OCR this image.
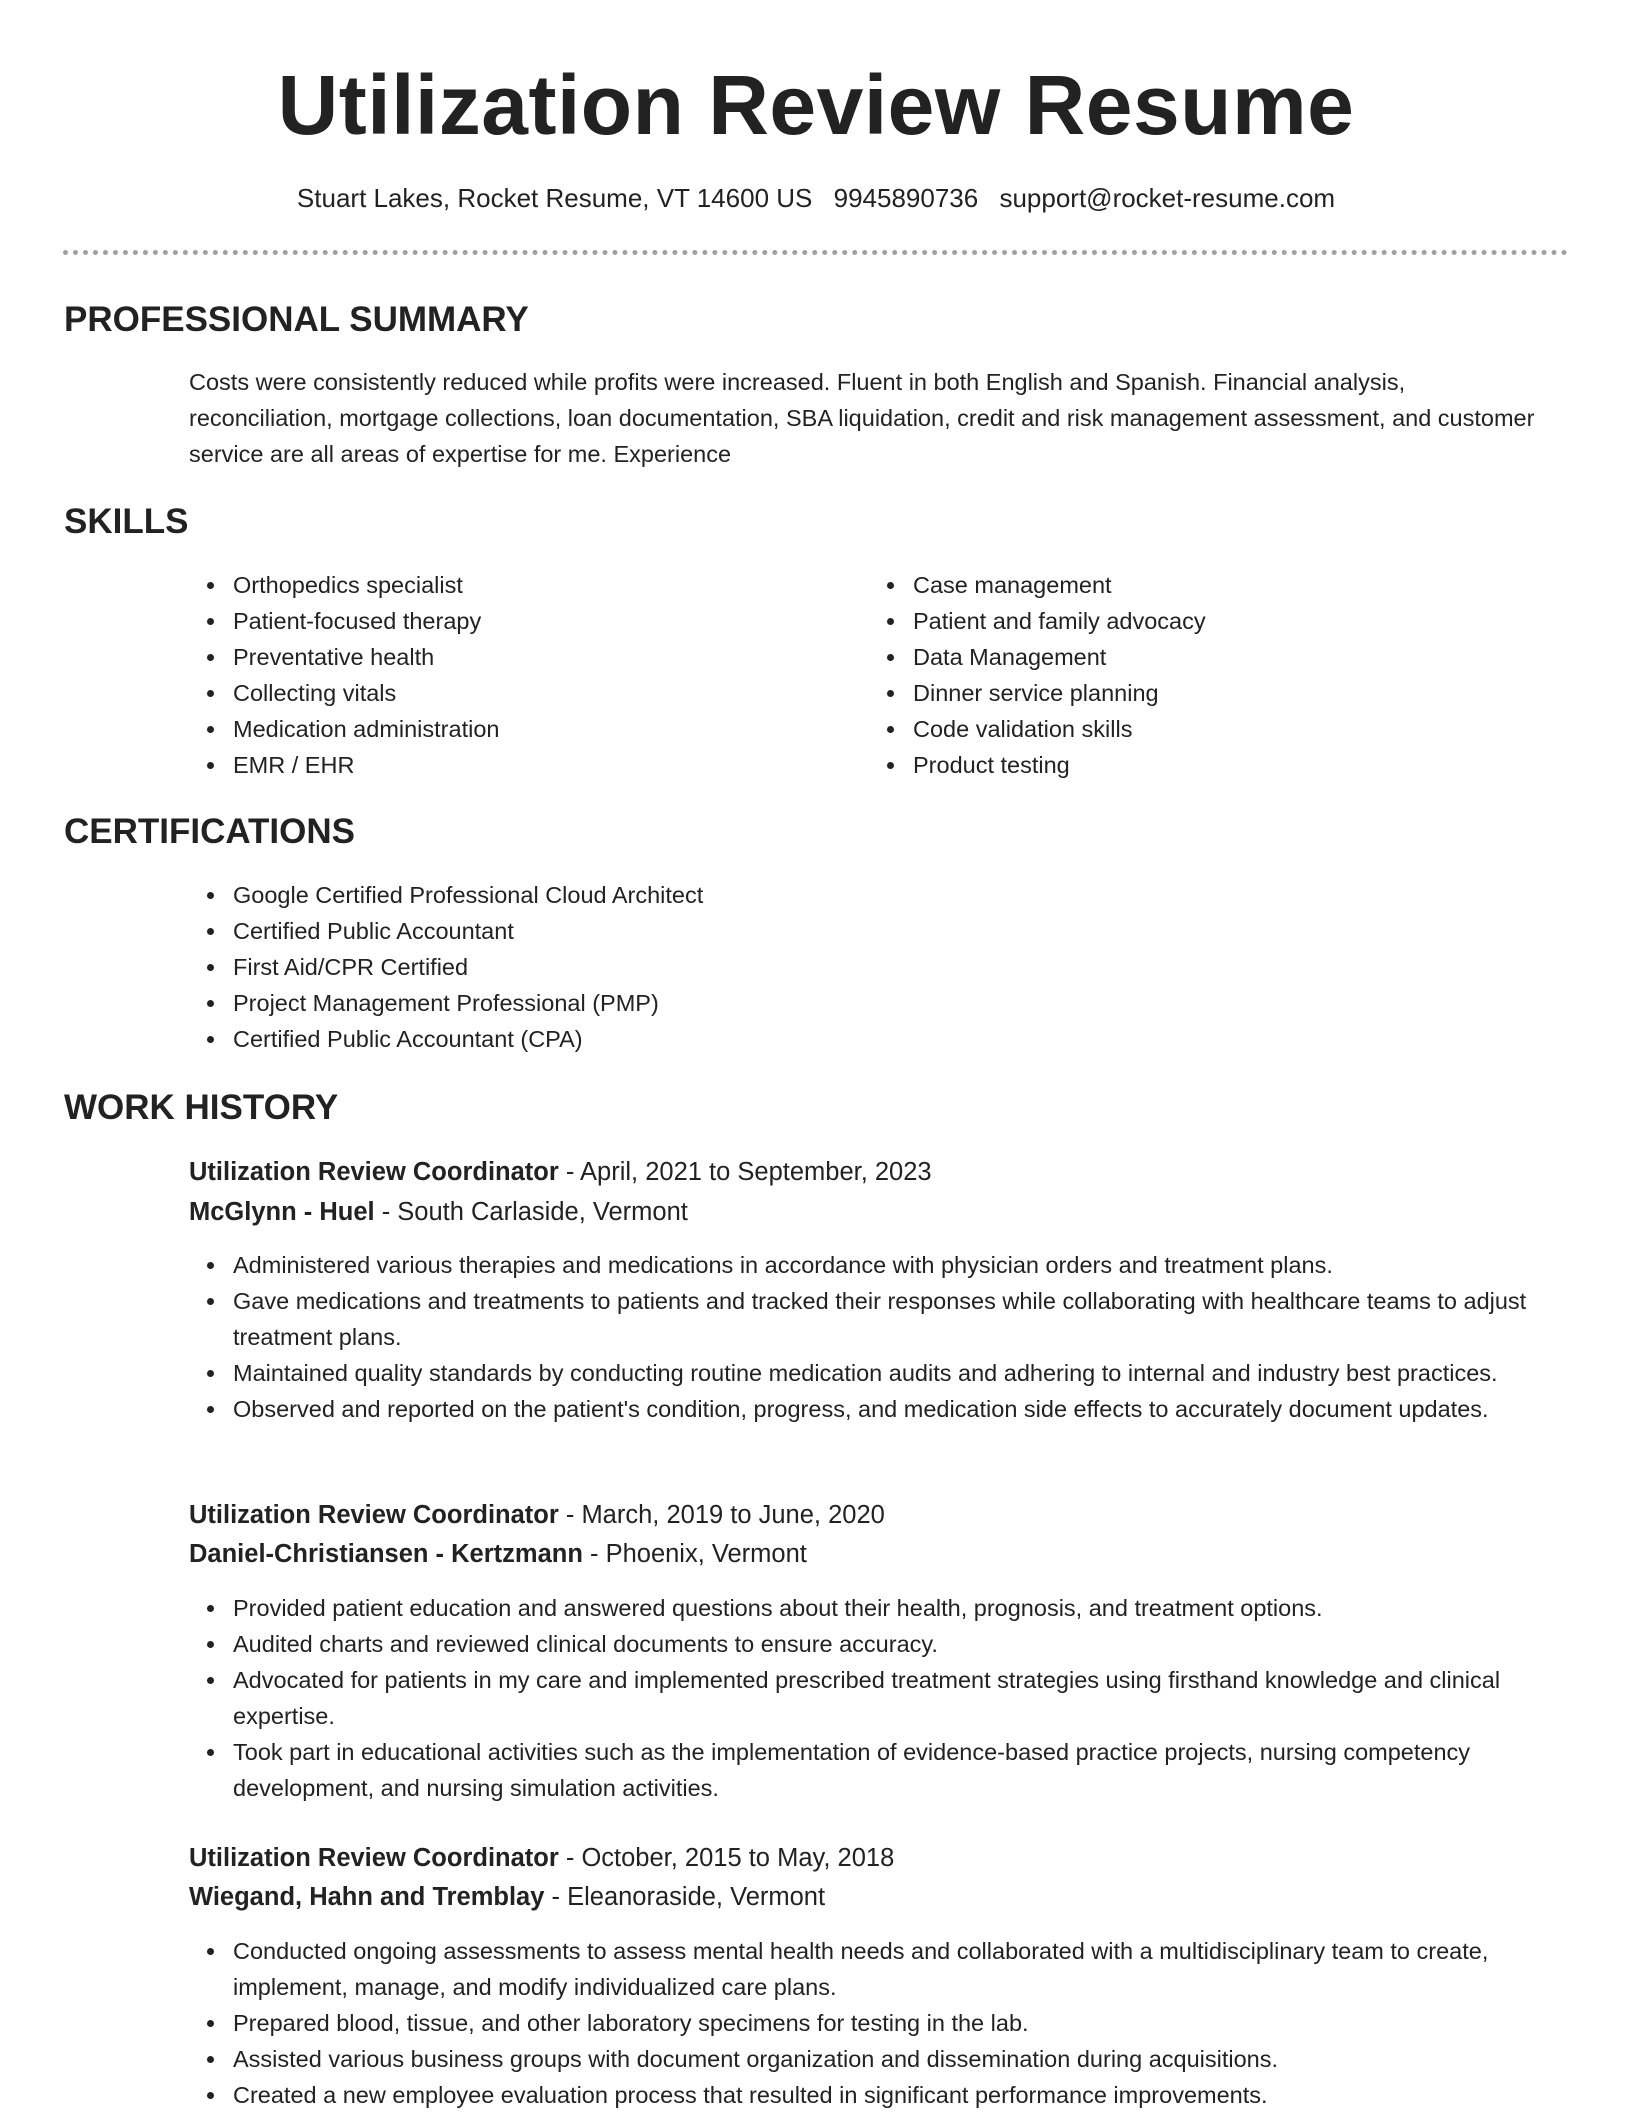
Utilization Review Resume
Stuart Lakes, Rocket Resume, VT 14600 US 9945890736 support@rocket-resume.com
PROFESSIONAL SUMMARY

Costs were consistently reduced while profits were increased. Fluent in both English and Spanish. Financial analysis, reconciliation, mortgage collections, loan documentation, SBA liquidation, credit and risk management assessment, and customer service are all areas of expertise for me. Experience

SKILLS
Orthopedics specialist
Patient-focused therapy
Preventative health
Collecting vitals
Medication administration
EMR / EHR
Case management
Patient and family advocacy
Data Management
Dinner service planning
Code validation skills
Product testing
CERTIFICATIONS
Google Certified Professional Cloud Architect
Certified Public Accountant
First Aid/CPR Certified
Project Management Professional (PMP)
Certified Public Accountant (CPA)
WORK HISTORY
Utilization Review Coordinator - April, 2021 to September, 2023
McGlynn - Huel - South Carlaside, Vermont
Administered various therapies and medications in accordance with physician orders and treatment plans.
Gave medications and treatments to patients and tracked their responses while collaborating with healthcare teams to adjust treatment plans.
Maintained quality standards by conducting routine medication audits and adhering to internal and industry best practices.
Observed and reported on the patient's condition, progress, and medication side effects to accurately document updates.
Utilization Review Coordinator - March, 2019 to June, 2020
Daniel-Christiansen - Kertzmann - Phoenix, Vermont
Provided patient education and answered questions about their health, prognosis, and treatment options.
Audited charts and reviewed clinical documents to ensure accuracy.
Advocated for patients in my care and implemented prescribed treatment strategies using firsthand knowledge and clinical expertise.
Took part in educational activities such as the implementation of evidence-based practice projects, nursing competency development, and nursing simulation activities.
Utilization Review Coordinator - October, 2015 to May, 2018
Wiegand, Hahn and Tremblay - Eleanoraside, Vermont
Conducted ongoing assessments to assess mental health needs and collaborated with a multidisciplinary team to create, implement, manage, and modify individualized care plans.
Prepared blood, tissue, and other laboratory specimens for testing in the lab.
Assisted various business groups with document organization and dissemination during acquisitions.
Created a new employee evaluation process that resulted in significant performance improvements.
